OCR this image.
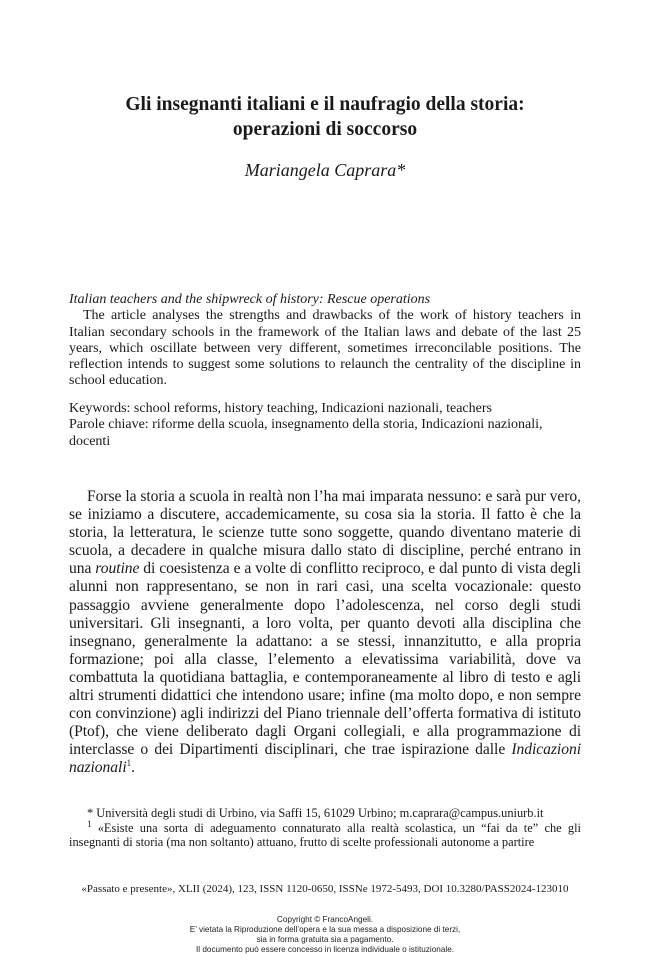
Gli insegnanti italiani e il naufragio della storia:
operazioni di soccorso
Mariangela Caprara*
Italian teachers and the shipwreck of history: Rescue operations
The article analyses the strengths and drawbacks of the work of history teachers in Italian secondary schools in the framework of the Italian laws and debate of the last 25 years, which oscillate between very different, sometimes irreconcilable positions. The reflection intends to suggest some solutions to relaunch the centrality of the discipline in school education.
Keywords: school reforms, history teaching, Indicazioni nazionali, teachers
Parole chiave: riforme della scuola, insegnamento della storia, Indicazioni nazionali, docenti
Forse la storia a scuola in realtà non l’ha mai imparata nessuno: e sarà pur vero, se iniziamo a discutere, accademicamente, su cosa sia la storia. Il fatto è che la storia, la letteratura, le scienze tutte sono soggette, quando diventano materie di scuola, a decadere in qualche misura dallo stato di discipline, perché entrano in una routine di coesistenza e a volte di conflitto reciproco, e dal punto di vista degli alunni non rappresentano, se non in rari casi, una scelta vocazionale: questo passaggio avviene generalmente dopo l’adolescenza, nel corso degli studi universitari. Gli insegnanti, a loro volta, per quanto devoti alla disciplina che insegnano, generalmente la adattano: a se stessi, innanzitutto, e alla propria formazione; poi alla classe, l’elemento a elevatissima variabilità, dove va combattuta la quotidiana battaglia, e contemporaneamente al libro di testo e agli altri strumenti didattici che intendono usare; infine (ma molto dopo, e non sempre con convinzione) agli indirizzi del Piano triennale dell’offerta formativa di istituto (Ptof), che viene deliberato dagli Organi collegiali, e alla programmazione di interclasse o dei Dipartimenti disciplinari, che trae ispirazione dalle Indicazioni nazionali$^1$.
* Università degli studi di Urbino, via Saffi 15, 61029 Urbino; m.caprara@campus.uniurb.it
$^1$ «Esiste una sorta di adeguamento connaturato alla realtà scolastica, un “fai da te” che gli insegnanti di storia (ma non soltanto) attuano, frutto di scelte professionali autonome a partire
«Passato e presente», XLII (2024), 123, ISSN 1120-0650, ISSNe 1972-5493, DOI 10.3280/PASS2024-123010
Copyright © FrancoAngeli.
E’ vietata la Riproduzione dell’opera e la sua messa a disposizione di terzi,
sia in forma gratuita sia a pagamento.
Il documento può essere concesso in licenza individuale o istituzionale.
